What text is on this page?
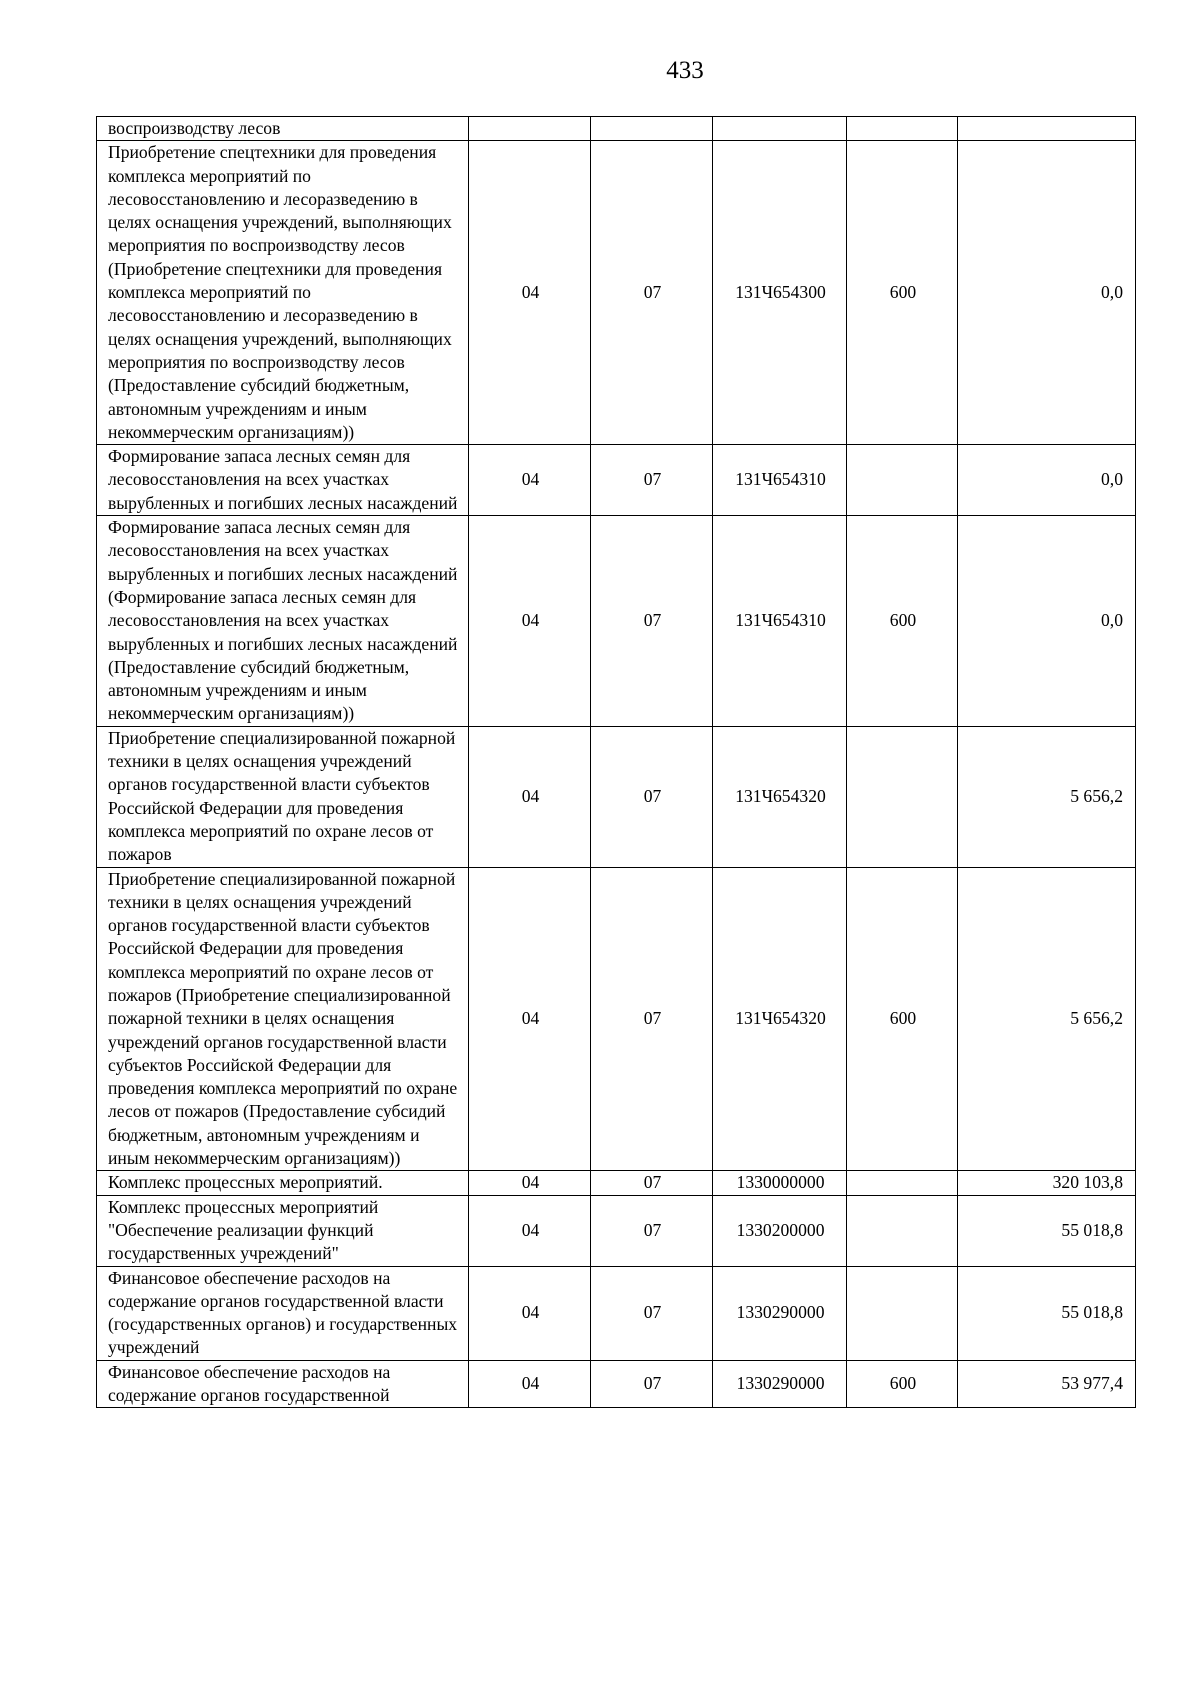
433
воспроизводству лесов					
Приобретение спецтехники для проведения комплекса мероприятий по лесовосстановлению и лесоразведению в целях оснащения учреждений, выполняющих мероприятия по воспроизводству лесов (Приобретение спецтехники для проведения комплекса мероприятий по лесовосстановлению и лесоразведению в целях оснащения учреждений, выполняющих мероприятия по воспроизводству лесов (Предоставление субсидий бюджетным, автономным учреждениям и иным некоммерческим организациям))	04	07	131Ч654300	600	0,0
Формирование запаса лесных семян для лесовосстановления на всех участках вырубленных и погибших лесных насаждений	04	07	131Ч654310		0,0
Формирование запаса лесных семян для лесовосстановления на всех участках вырубленных и погибших лесных насаждений (Формирование запаса лесных семян для лесовосстановления на всех участках вырубленных и погибших лесных насаждений (Предоставление субсидий бюджетным, автономным учреждениям и иным некоммерческим организациям))	04	07	131Ч654310	600	0,0
Приобретение специализированной пожарной техники в целях оснащения учреждений органов государственной власти субъектов Российской Федерации для проведения комплекса мероприятий по охране лесов от пожаров	04	07	131Ч654320		5 656,2
Приобретение специализированной пожарной техники в целях оснащения учреждений органов государственной власти субъектов Российской Федерации для проведения комплекса мероприятий по охране лесов от пожаров (Приобретение специализированной пожарной техники в целях оснащения учреждений органов государственной власти субъектов Российской Федерации для проведения комплекса мероприятий по охране лесов от пожаров (Предоставление субсидий бюджетным, автономным учреждениям и иным некоммерческим организациям))	04	07	131Ч654320	600	5 656,2
Комплекс процессных мероприятий.	04	07	1330000000		320 103,8
Комплекс процессных мероприятий "Обеспечение реализации функций государственных учреждений"	04	07	1330200000		55 018,8
Финансовое обеспечение расходов на содержание органов государственной власти (государственных органов) и государственных учреждений	04	07	1330290000		55 018,8
Финансовое обеспечение расходов на содержание органов государственной	04	07	1330290000	600	53 977,4
